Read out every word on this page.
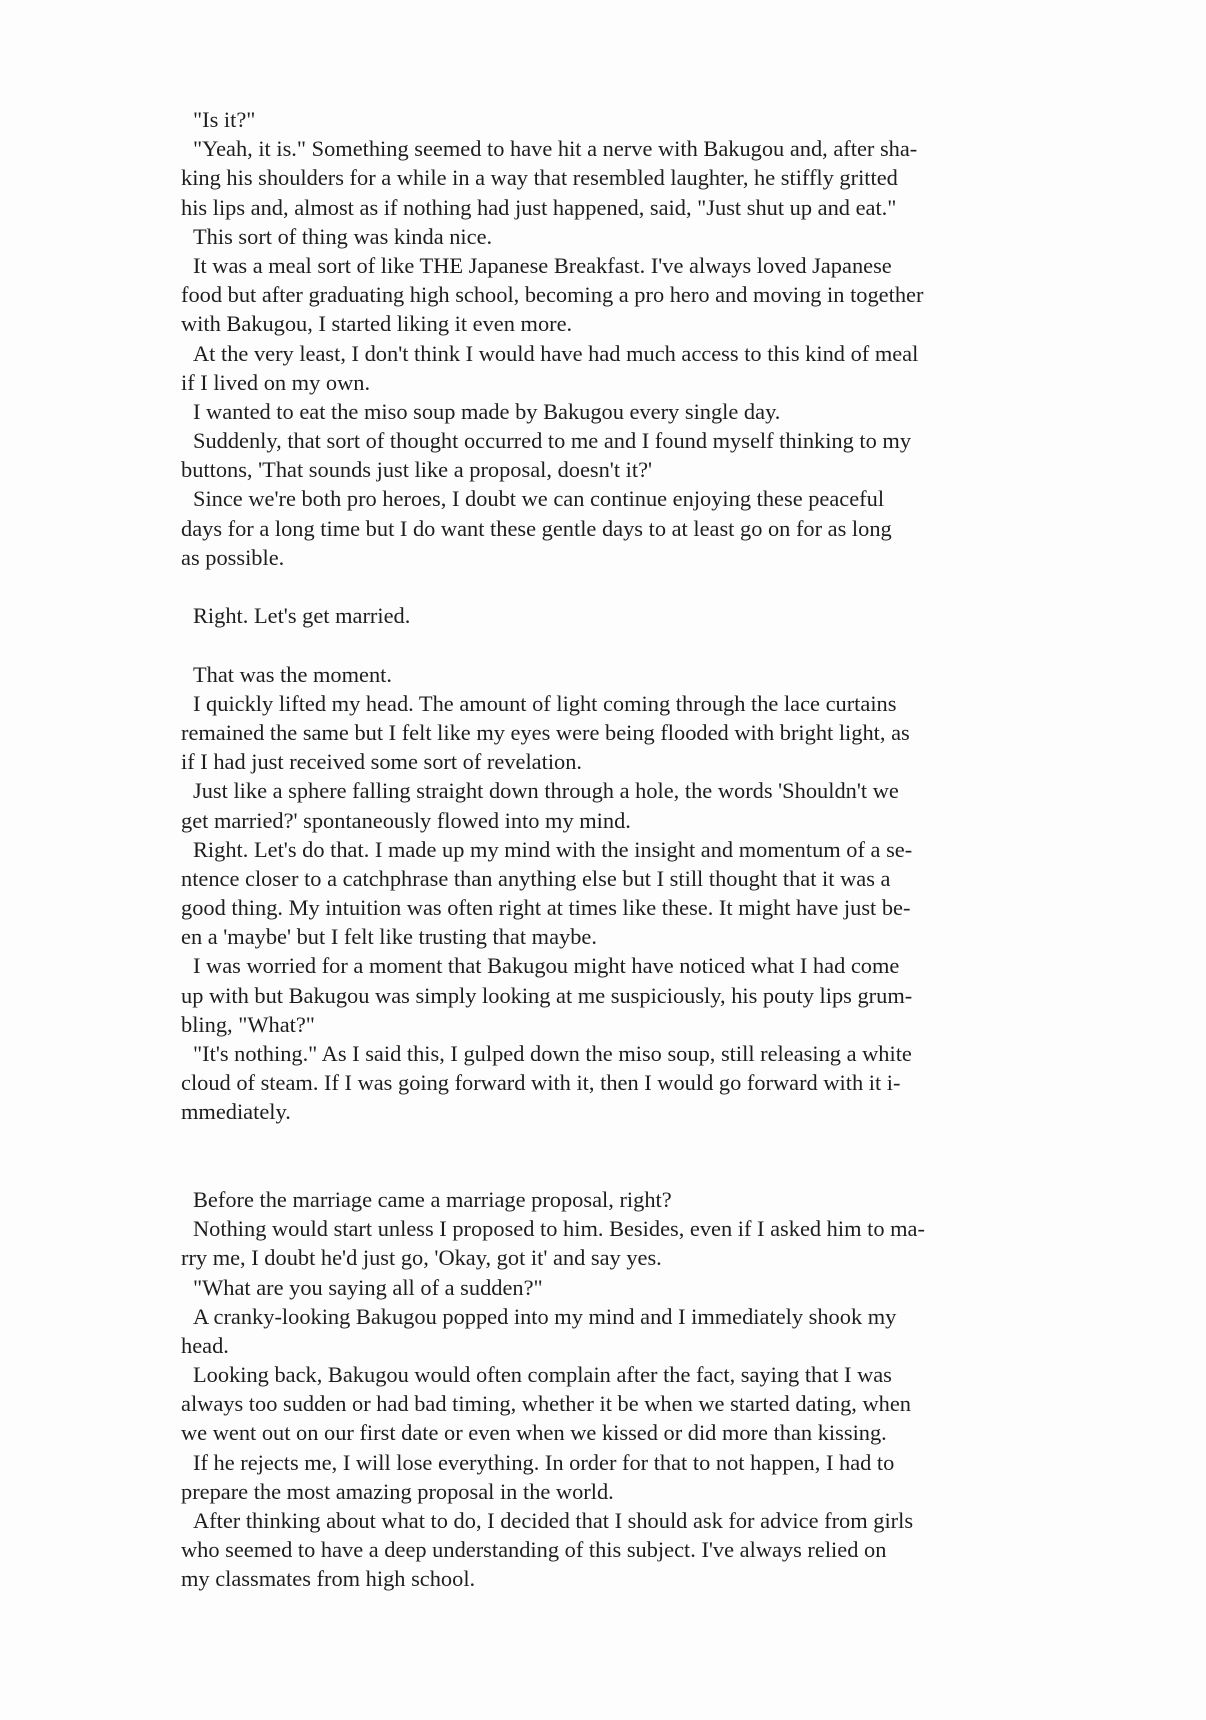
"Is it?"
"Yeah, it is." Something seemed to have hit a nerve with Bakugou and, after sha-
king his shoulders for a while in a way that resembled laughter, he stiffly gritted
his lips and, almost as if nothing had just happened, said, "Just shut up and eat."
This sort of thing was kinda nice.
It was a meal sort of like THE Japanese Breakfast. I've always loved Japanese
food but after graduating high school, becoming a pro hero and moving in together
with Bakugou, I started liking it even more.
At the very least, I don't think I would have had much access to this kind of meal
if I lived on my own.
I wanted to eat the miso soup made by Bakugou every single day.
Suddenly, that sort of thought occurred to me and I found myself thinking to my
buttons, 'That sounds just like a proposal, doesn't it?'
Since we're both pro heroes, I doubt we can continue enjoying these peaceful
days for a long time but I do want these gentle days to at least go on for as long
as possible.
Right. Let's get married.
That was the moment.
I quickly lifted my head. The amount of light coming through the lace curtains
remained the same but I felt like my eyes were being flooded with bright light, as
if I had just received some sort of revelation.
Just like a sphere falling straight down through a hole, the words 'Shouldn't we
get married?' spontaneously flowed into my mind.
Right. Let's do that. I made up my mind with the insight and momentum of a se-
ntence closer to a catchphrase than anything else but I still thought that it was a
good thing. My intuition was often right at times like these. It might have just be-
en a 'maybe' but I felt like trusting that maybe.
I was worried for a moment that Bakugou might have noticed what I had come
up with but Bakugou was simply looking at me suspiciously, his pouty lips grum-
bling, "What?"
"It's nothing." As I said this, I gulped down the miso soup, still releasing a white
cloud of steam. If I was going forward with it, then I would go forward with it i-
mmediately.
Before the marriage came a marriage proposal, right?
Nothing would start unless I proposed to him. Besides, even if I asked him to ma-
rry me, I doubt he'd just go, 'Okay, got it' and say yes.
"What are you saying all of a sudden?"
A cranky-looking Bakugou popped into my mind and I immediately shook my
head.
Looking back, Bakugou would often complain after the fact, saying that I was
always too sudden or had bad timing, whether it be when we started dating, when
we went out on our first date or even when we kissed or did more than kissing.
If he rejects me, I will lose everything. In order for that to not happen, I had to
prepare the most amazing proposal in the world.
After thinking about what to do, I decided that I should ask for advice from girls
who seemed to have a deep understanding of this subject. I've always relied on
my classmates from high school.
